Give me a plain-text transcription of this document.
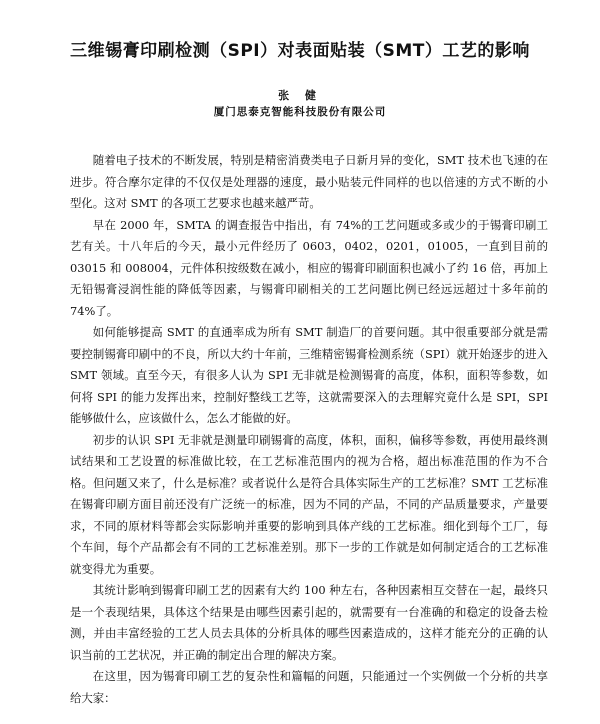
三维锡膏印刷检测（SPI）对表面贴装（SMT）工艺的影响
张 健
厦门思泰克智能科技股份有限公司

随着电子技术的不断发展，特别是精密消费类电子日新月异的变化，SMT 技术也飞速的在进步。符合摩尔定律的不仅仅是处理器的速度，最小贴装元件同样的也以倍速的方式不断的小型化。这对 SMT 的各项工艺要求也越来越严苛。

早在 2000 年，SMTA 的调查报告中指出，有 74%的工艺问题或多或少的于锡膏印刷工艺有关。十八年后的今天，最小元件经历了 0603，0402，0201，01005，一直到目前的 03015 和 008004，元件体积按级数在减小，相应的锡膏印刷面积也减小了约 16 倍，再加上无铅锡膏浸润性能的降低等因素，与锡膏印刷相关的工艺问题比例已经远远超过十多年前的 74%了。

如何能够提高 SMT 的直通率成为所有 SMT 制造厂的首要问题。其中很重要部分就是需要控制锡膏印刷中的不良，所以大约十年前，三维精密锡膏检测系统（SPI）就开始逐步的进入 SMT 领域。直至今天，有很多人认为 SPI 无非就是检测锡膏的高度，体积，面积等参数，如何将 SPI 的能力发挥出来，控制好整线工艺等，这就需要深入的去理解究竟什么是 SPI，SPI 能够做什么，应该做什么，怎么才能做的好。

初步的认识 SPI 无非就是测量印刷锡膏的高度，体积，面积，偏移等参数，再使用最终测试结果和工艺设置的标准做比较，在工艺标准范围内的视为合格，超出标准范围的作为不合格。但问题又来了，什么是标准？或者说什么是符合具体实际生产的工艺标准？SMT 工艺标准在锡膏印刷方面目前还没有广泛统一的标准，因为不同的产品，不同的产品质量要求，产量要求，不同的原材料等都会实际影响并重要的影响到具体产线的工艺标准。细化到每个工厂，每个车间，每个产品都会有不同的工艺标准差别。那下一步的工作就是如何制定适合的工艺标准就变得尤为重要。

其统计影响到锡膏印刷工艺的因素有大约 100 种左右，各种因素相互交替在一起，最终只是一个表现结果，具体这个结果是由哪些因素引起的，就需要有一台准确的和稳定的设备去检测，并由丰富经验的工艺人员去具体的分析具体的哪些因素造成的，这样才能充分的正确的认识当前的工艺状况，并正确的制定出合理的解决方案。

在这里，因为锡膏印刷工艺的复杂性和篇幅的问题，只能通过一个实例做一个分析的共享给大家：
